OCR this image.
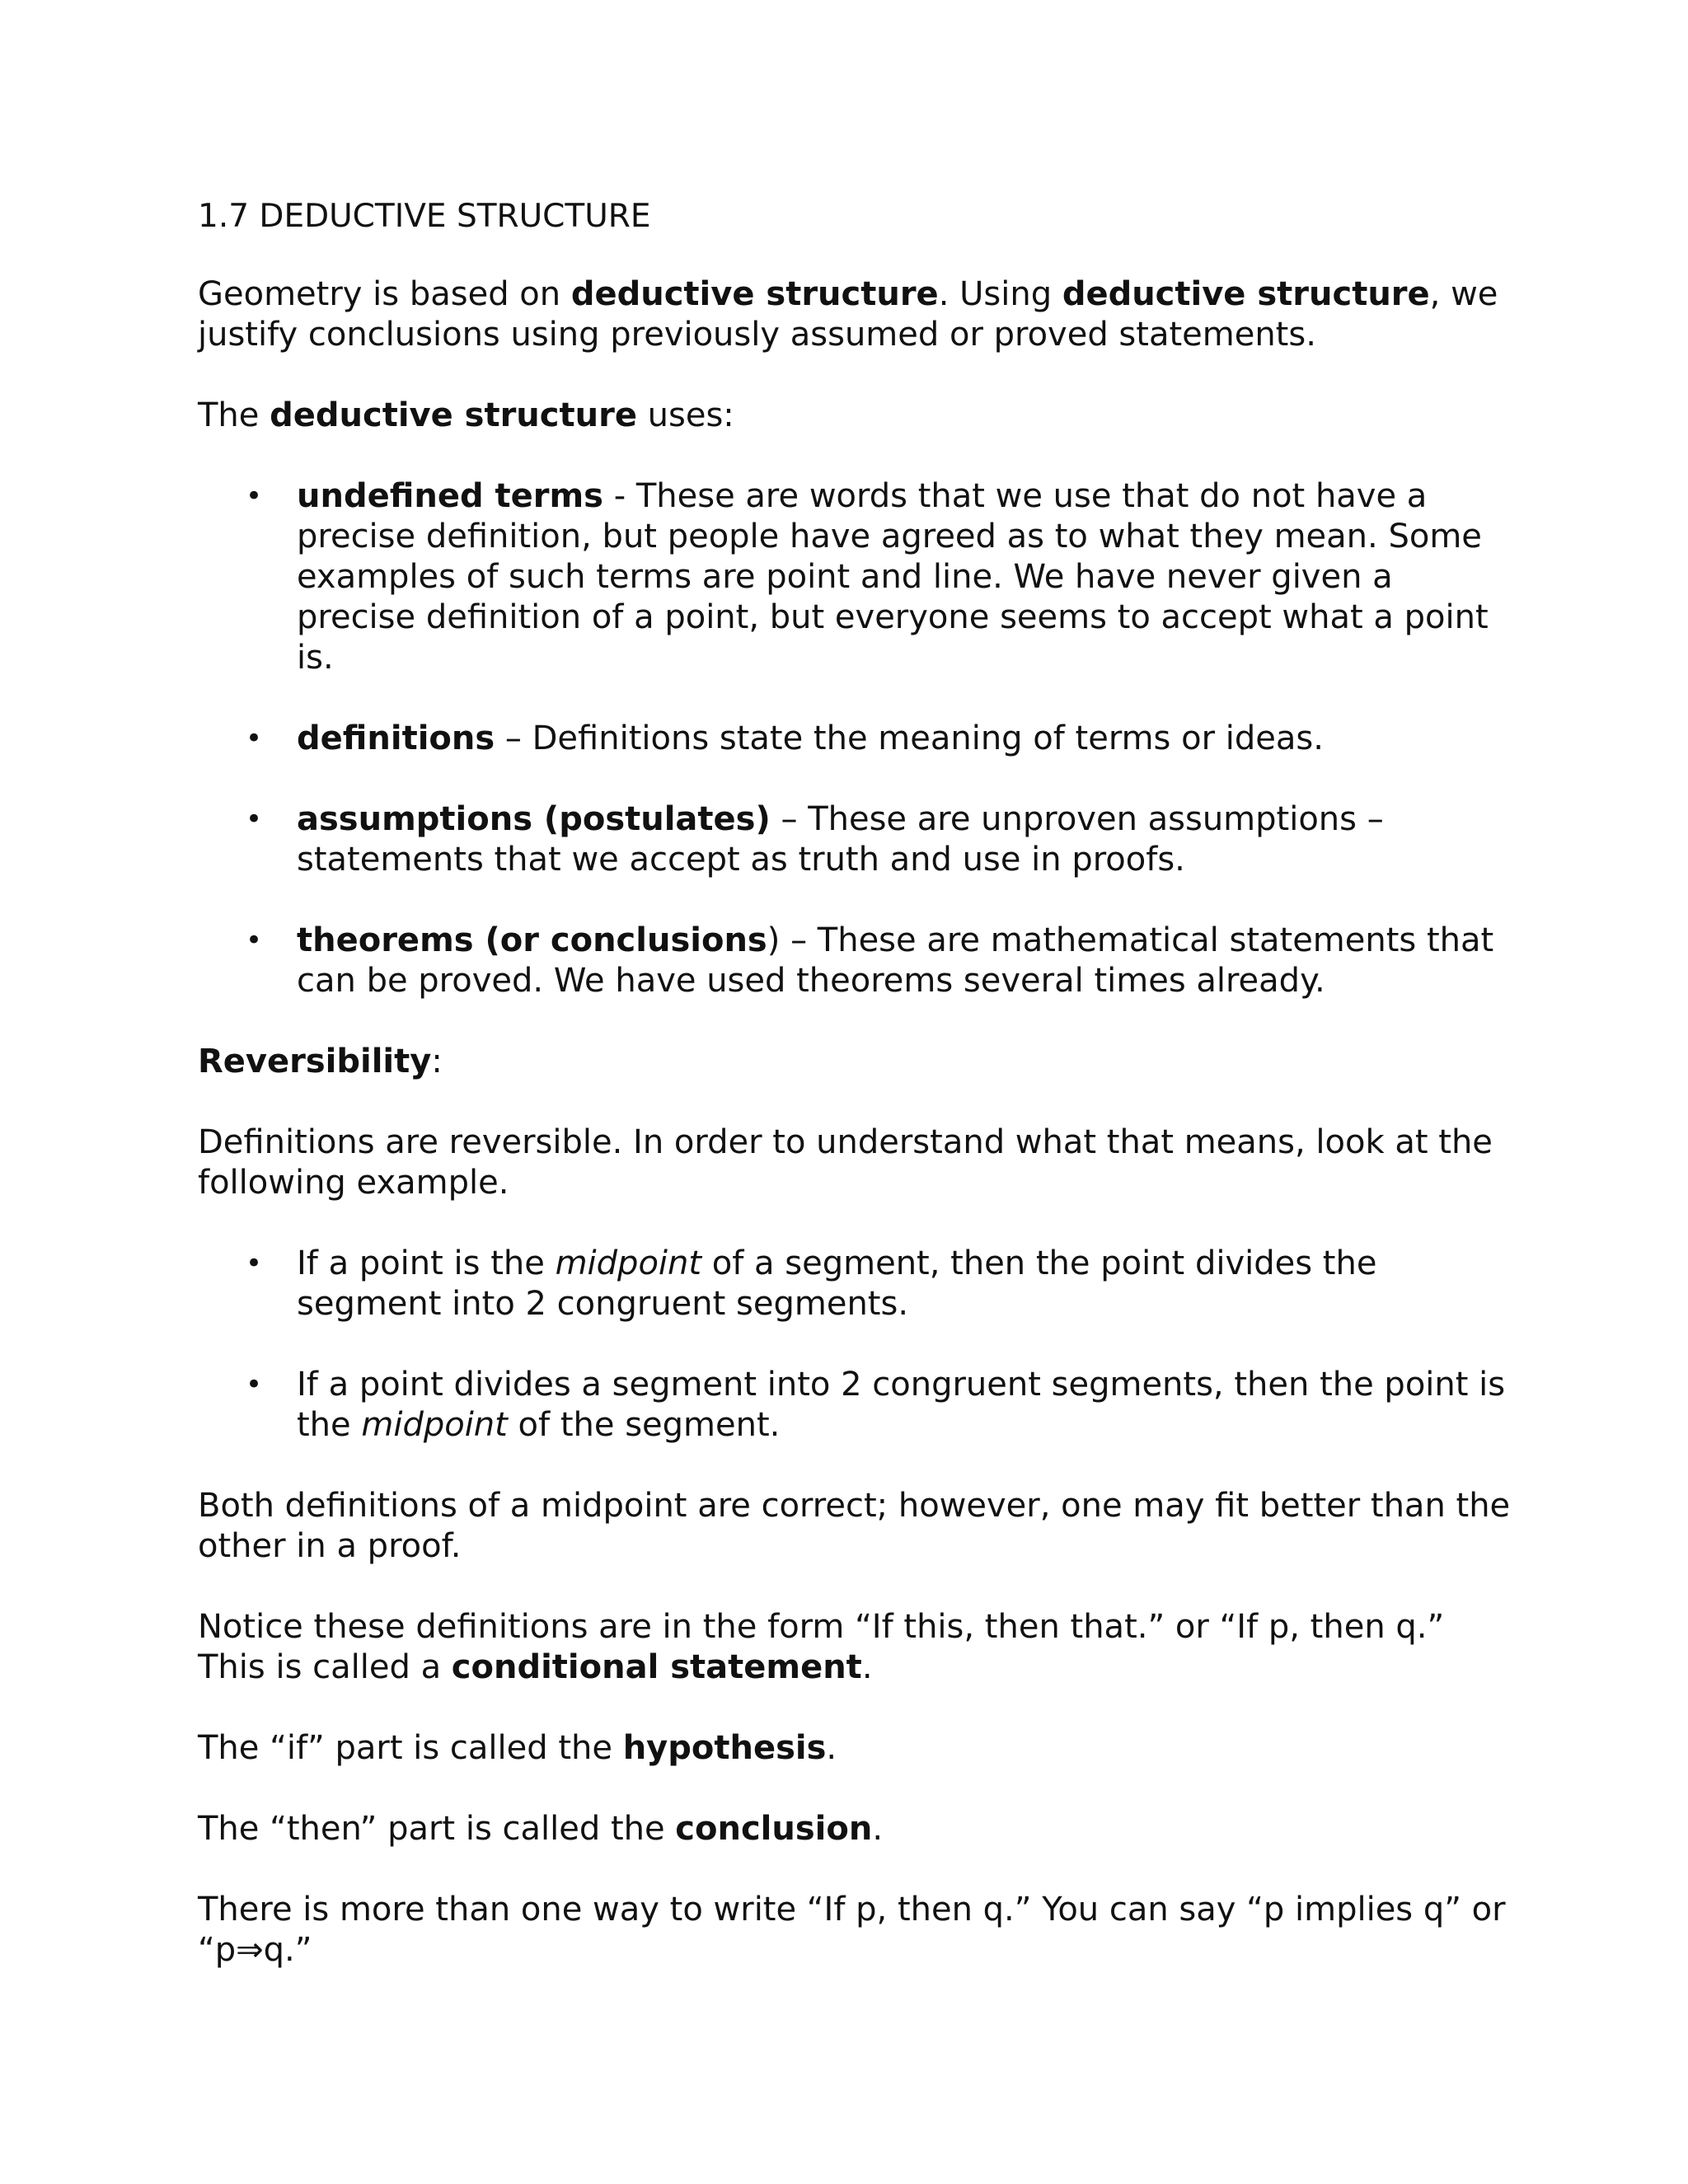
1.7 DEDUCTIVE STRUCTURE

Geometry is based on deductive structure. Using deductive structure, we justify conclusions using previously assumed or proved statements.

The deductive structure uses:

• undefined terms - These are words that we use that do not have a precise definition, but people have agreed as to what they mean. Some examples of such terms are point and line. We have never given a precise definition of a point, but everyone seems to accept what a point is.
• definitions – Definitions state the meaning of terms or ideas.
• assumptions (postulates) – These are unproven assumptions – statements that we accept as truth and use in proofs.
• theorems (or conclusions) – These are mathematical statements that can be proved. We have used theorems several times already.

Reversibility:

Definitions are reversible. In order to understand what that means, look at the following example.

• If a point is the midpoint of a segment, then the point divides the segment into 2 congruent segments.
• If a point divides a segment into 2 congruent segments, then the point is the midpoint of the segment.

Both definitions of a midpoint are correct; however, one may fit better than the other in a proof.

Notice these definitions are in the form “If this, then that.” or “If p, then q.” This is called a conditional statement.

The “if” part is called the hypothesis.

The “then” part is called the conclusion.

There is more than one way to write “If p, then q.” You can say “p implies q” or “p⇒q.”
